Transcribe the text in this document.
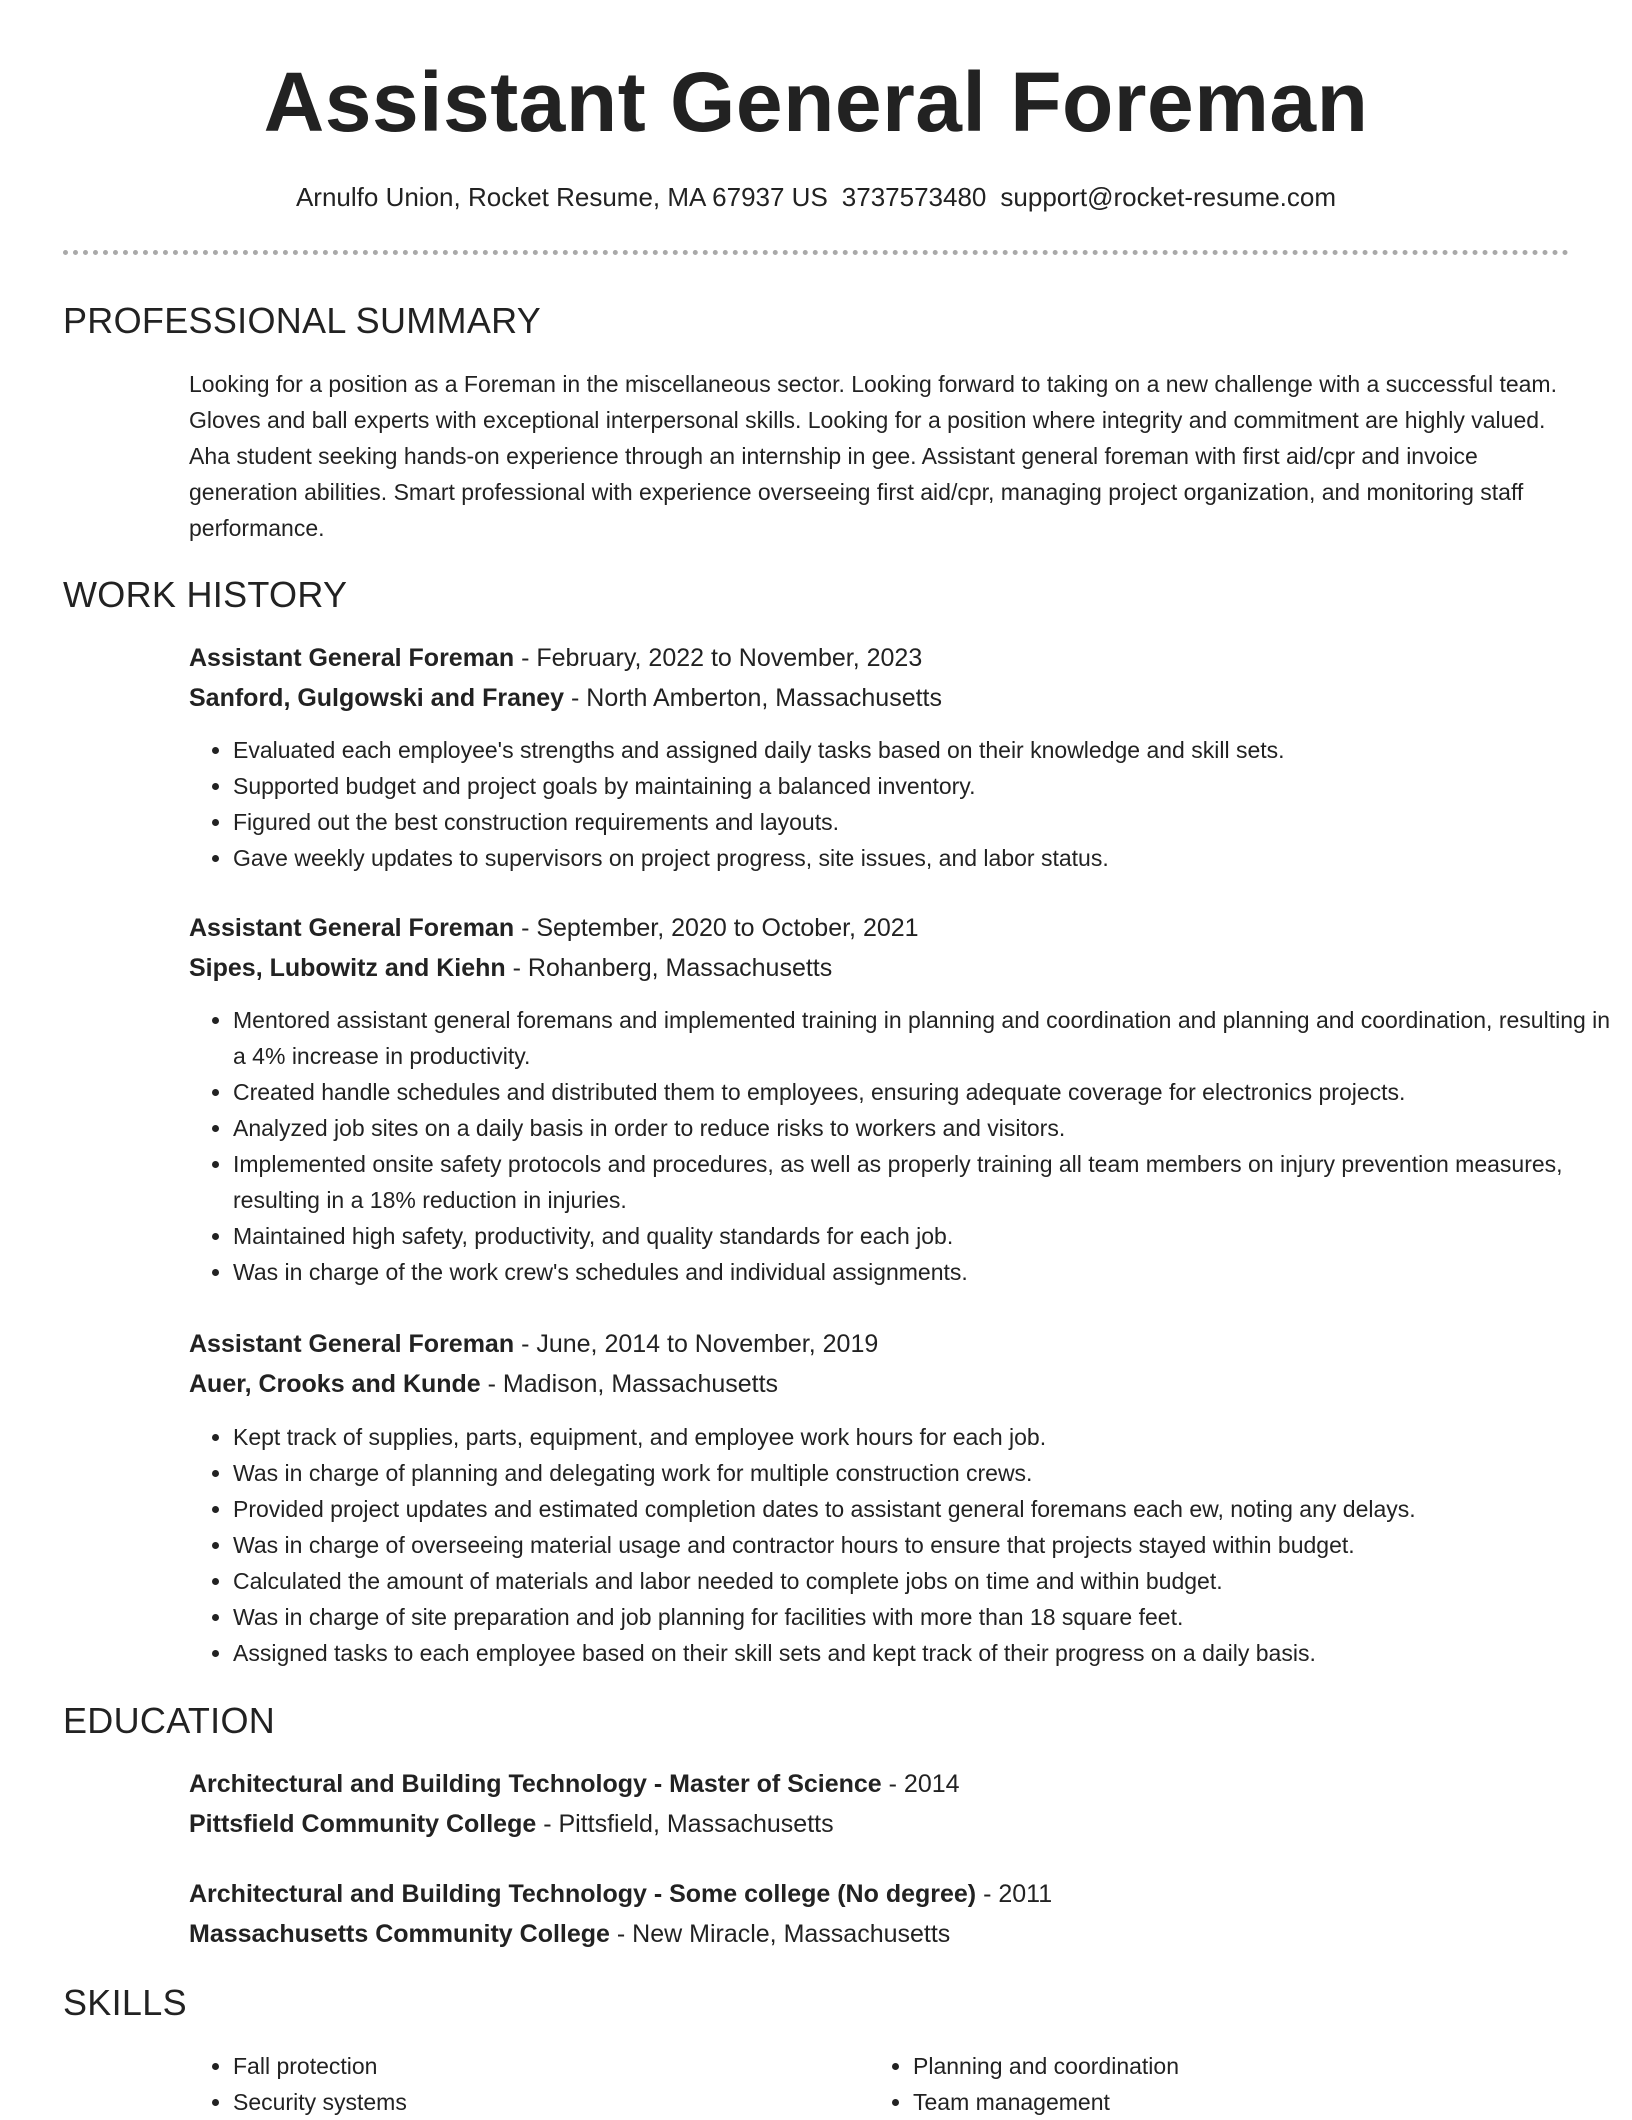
Assistant General Foreman
Arnulfo Union, Rocket Resume, MA 67937 US 3737573480 support@rocket-resume.com
PROFESSIONAL SUMMARY

Looking for a position as a Foreman in the miscellaneous sector. Looking forward to taking on a new challenge with a successful team. Gloves and ball experts with exceptional interpersonal skills. Looking for a position where integrity and commitment are highly valued. Aha student seeking hands-on experience through an internship in gee. Assistant general foreman with first aid/cpr and invoice generation abilities. Smart professional with experience overseeing first aid/cpr, managing project organization, and monitoring staff performance.

WORK HISTORY
Assistant General Foreman - February, 2022 to November, 2023
Sanford, Gulgowski and Franey - North Amberton, Massachusetts
• Evaluated each employee's strengths and assigned daily tasks based on their knowledge and skill sets.
• Supported budget and project goals by maintaining a balanced inventory.
• Figured out the best construction requirements and layouts.
• Gave weekly updates to supervisors on project progress, site issues, and labor status.
Assistant General Foreman - September, 2020 to October, 2021
Sipes, Lubowitz and Kiehn - Rohanberg, Massachusetts
• Mentored assistant general foremans and implemented training in planning and coordination and planning and coordination, resulting in a 4% increase in productivity.
• Created handle schedules and distributed them to employees, ensuring adequate coverage for electronics projects.
• Analyzed job sites on a daily basis in order to reduce risks to workers and visitors.
• Implemented onsite safety protocols and procedures, as well as properly training all team members on injury prevention measures, resulting in a 18% reduction in injuries.
• Maintained high safety, productivity, and quality standards for each job.
• Was in charge of the work crew's schedules and individual assignments.
Assistant General Foreman - June, 2014 to November, 2019
Auer, Crooks and Kunde - Madison, Massachusetts
• Kept track of supplies, parts, equipment, and employee work hours for each job.
• Was in charge of planning and delegating work for multiple construction crews.
• Provided project updates and estimated completion dates to assistant general foremans each ew, noting any delays.
• Was in charge of overseeing material usage and contractor hours to ensure that projects stayed within budget.
• Calculated the amount of materials and labor needed to complete jobs on time and within budget.
• Was in charge of site preparation and job planning for facilities with more than 18 square feet.
• Assigned tasks to each employee based on their skill sets and kept track of their progress on a daily basis.
EDUCATION
Architectural and Building Technology - Master of Science - 2014
Pittsfield Community College - Pittsfield, Massachusetts
Architectural and Building Technology - Some college (No degree) - 2011
Massachusetts Community College - New Miracle, Massachusetts
SKILLS
• Fall protection
• Security systems
• Planning and coordination
• Team management
